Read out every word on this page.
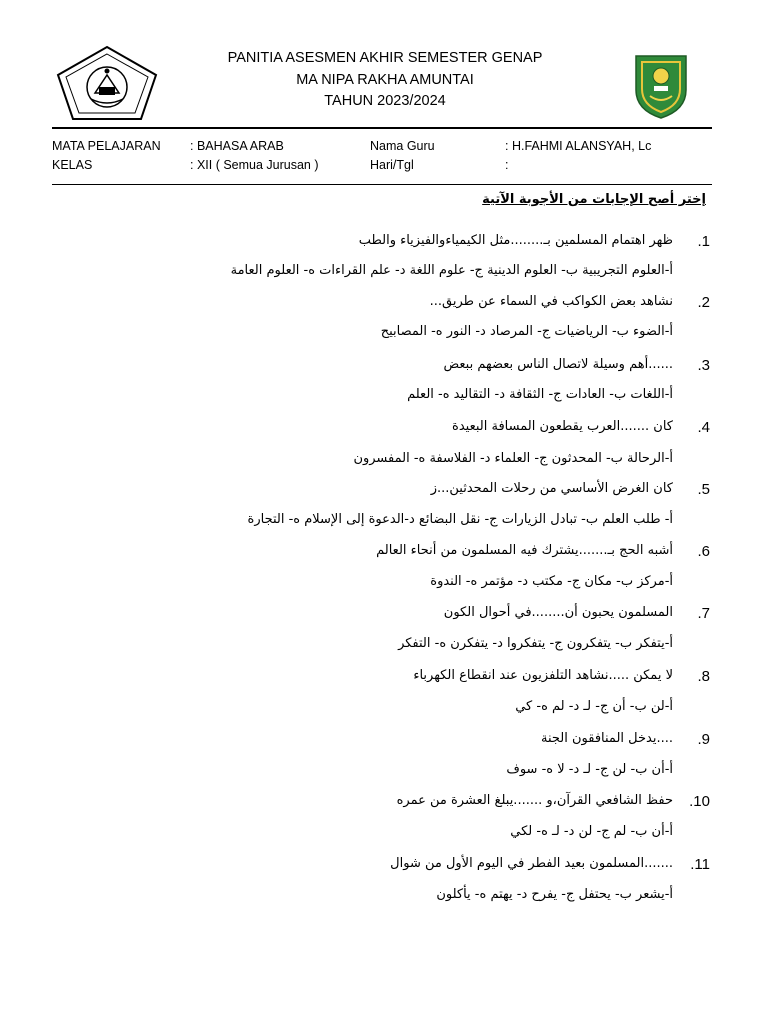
PANITIA ASESMEN AKHIR SEMESTER GENAP
MA NIPA RAKHA AMUNTAI
TAHUN 2023/2024
MATA PELAJARAN : BAHASA ARAB	Nama Guru	: H.FAHMI ALANSYAH, Lc
KELAS	: XII ( Semua Jurusan )	Hari/Tgl	:
إختر أصح الإجابات من الأجوبة الآتية
.1
ظهر اهتمام المسلمين بـ........مثل الكيمياءوالفيزياء والطب
أ-العلوم التجريبية ب- العلوم الدينية ج- علوم اللغة د- علم القراءات ه- العلوم العامة
.2
نشاهد بعض الكواكب في السماء عن طريق...
أ-الضوء ب- الرياضيات ج- المرصاد د- النور ه- المصابيح
.3
......أهم وسيلة لاتصال الناس بعضهم ببعض
أ-اللغات ب- العادات ج- الثقافة د- التقاليد ه- العلم
.4
كان .......العرب يقطعون المسافة البعيدة
أ-الرحالة ب- المحدثون ج- العلماء د- الفلاسفة ه- المفسرون
.5
كان الغرض الأساسي من رحلات المحدثين...ز
أ- طلب العلم ب- تبادل الزيارات ج- نقل البضائع د-الدعوة إلى الإسلام ه- التجارة
.6
أشبه الحج بـ.......يشترك فيه المسلمون من أنحاء العالم
أ-مركز ب- مكان ج- مكتب د- مؤتمر ه- الندوة
.7
المسلمون يحبون أن........في أحوال الكون
أ-يتفكر ب- يتفكرون ج- يتفكروا د- يتفكرن ه- التفكر
.8
لا يمكن .....نشاهد التلفزيون عند انقطاع الكهرباء
أ-لن ب- أن ج- لـ د- لم ه- كي
.9
....يدخل المنافقون الجنة
أ-أن ب- لن ج- لـ د- لا ه- سوف
.10
حفظ الشافعي القرآن،و .......يبلغ العشرة من عمره
أ-أن ب- لم ج- لن د- لـ ه- لكي
.11
.......المسلمون بعيد الفطر في اليوم الأول من شوال
أ-يشعر ب- يحتفل ج- يفرح د- يهتم ه- يأكلون
